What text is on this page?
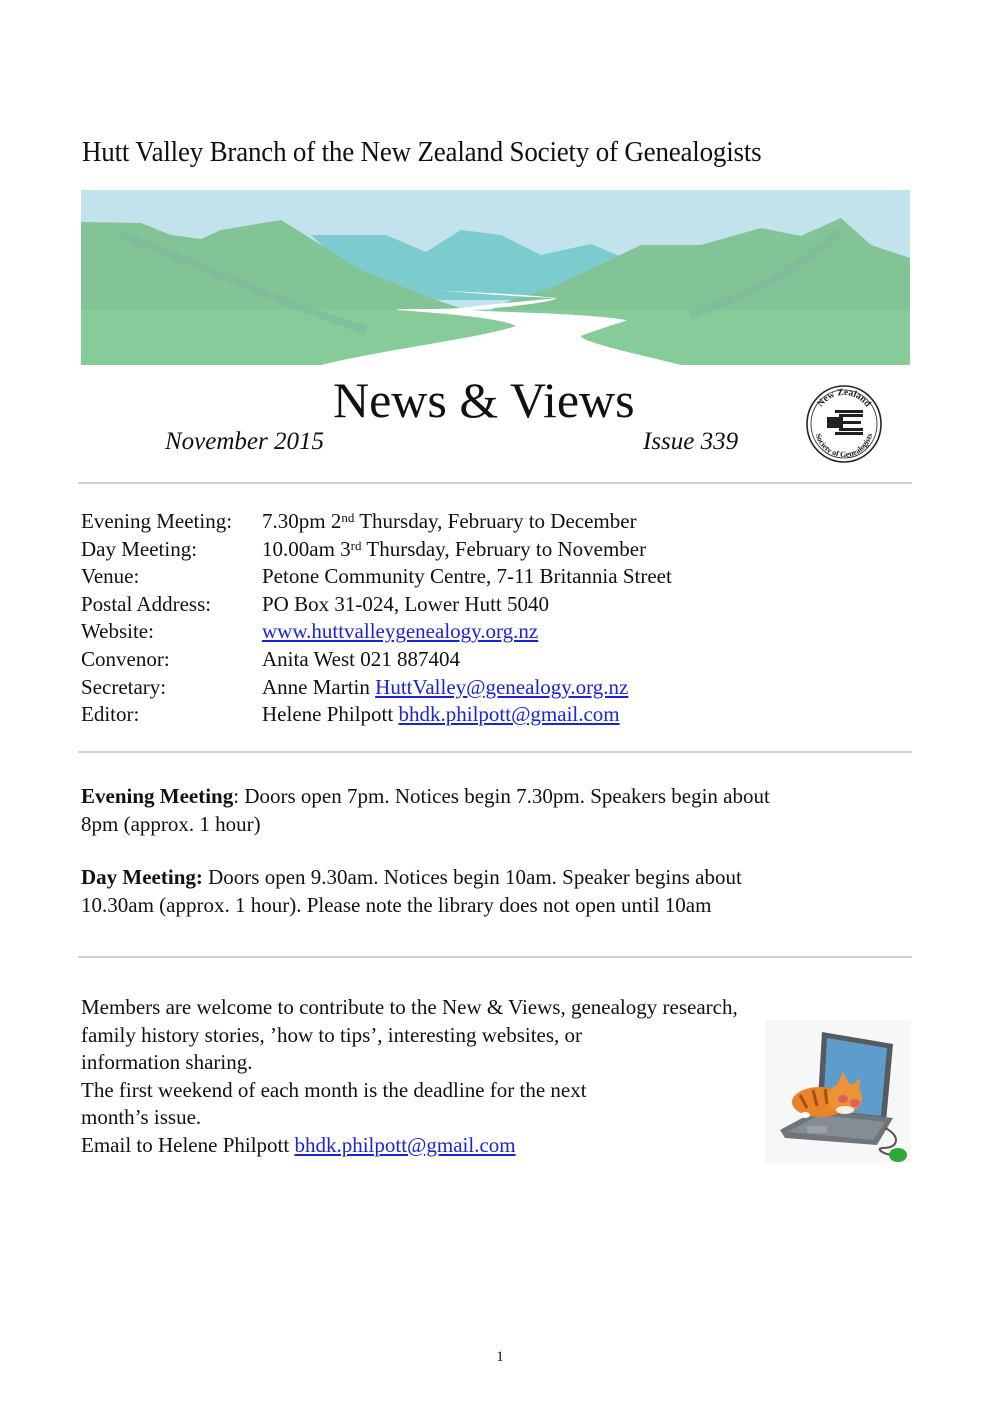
Hutt Valley Branch of the New Zealand Society of Genealogists
News & Views
November 2015	Issue 339
New Zealand
Society of Genealogists
Evening Meeting: 7.30pm 2nd Thursday, February to December
Day Meeting:	10.00am 3rd Thursday, February to November
Venue:	Petone Community Centre, 7-11 Britannia Street
Postal Address: PO Box 31-024, Lower Hutt 5040
Website:	www.huttvalleygenealogy.org.nz
Convenor:	Anita West 021 887404
Secretary:	Anne Martin HuttValley@genealogy.org.nz
Editor:	Helene Philpott bhdk.philpott@gmail.com
Evening Meeting: Doors open 7pm. Notices begin 7.30pm. Speakers begin about
8pm (approx. 1 hour)
Day Meeting: Doors open 9.30am. Notices begin 10am. Speaker begins about
10.30am (approx. 1 hour). Please note the library does not open until 10am
Members are welcome to contribute to the New & Views, genealogy research,
family history stories, ’how to tips’, interesting websites, or
information sharing.
The first weekend of each month is the deadline for the next
month’s issue.
Email to Helene Philpott bhdk.philpott@gmail.com
1
